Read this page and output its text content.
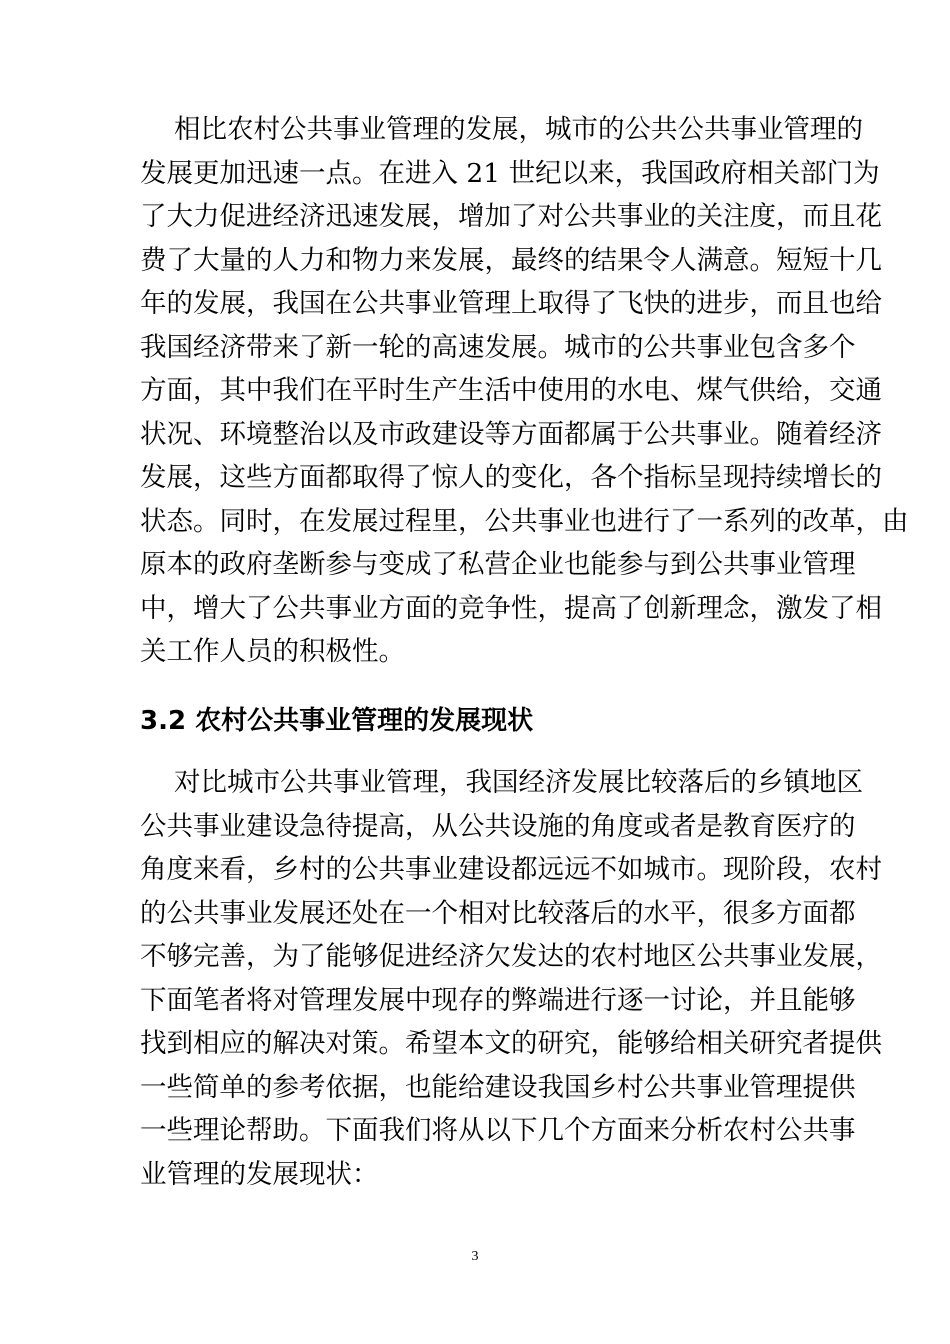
相比农村公共事业管理的发展，城市的公共公共事业管理的
发展更加迅速一点。在进入 21 世纪以来，我国政府相关部门为
了大力促进经济迅速发展，增加了对公共事业的关注度，而且花
费了大量的人力和物力来发展，最终的结果令人满意。短短十几
年的发展，我国在公共事业管理上取得了飞快的进步，而且也给
我国经济带来了新一轮的高速发展。城市的公共事业包含多个
方面，其中我们在平时生产生活中使用的水电、煤气供给，交通
状况、环境整治以及市政建设等方面都属于公共事业。随着经济
发展，这些方面都取得了惊人的变化，各个指标呈现持续增长的
状态。同时，在发展过程里，公共事业也进行了一系列的改革，由
原本的政府垄断参与变成了私营企业也能参与到公共事业管理
中，增大了公共事业方面的竞争性，提高了创新理念，激发了相
关工作人员的积极性。
3.2 农村公共事业管理的发展现状
对比城市公共事业管理，我国经济发展比较落后的乡镇地区
公共事业建设急待提高，从公共设施的角度或者是教育医疗的
角度来看，乡村的公共事业建设都远远不如城市。现阶段，农村
的公共事业发展还处在一个相对比较落后的水平，很多方面都
不够完善，为了能够促进经济欠发达的农村地区公共事业发展，
下面笔者将对管理发展中现存的弊端进行逐一讨论，并且能够
找到相应的解决对策。希望本文的研究，能够给相关研究者提供
一些简单的参考依据，也能给建设我国乡村公共事业管理提供
一些理论帮助。下面我们将从以下几个方面来分析农村公共事
业管理的发展现状：
3
